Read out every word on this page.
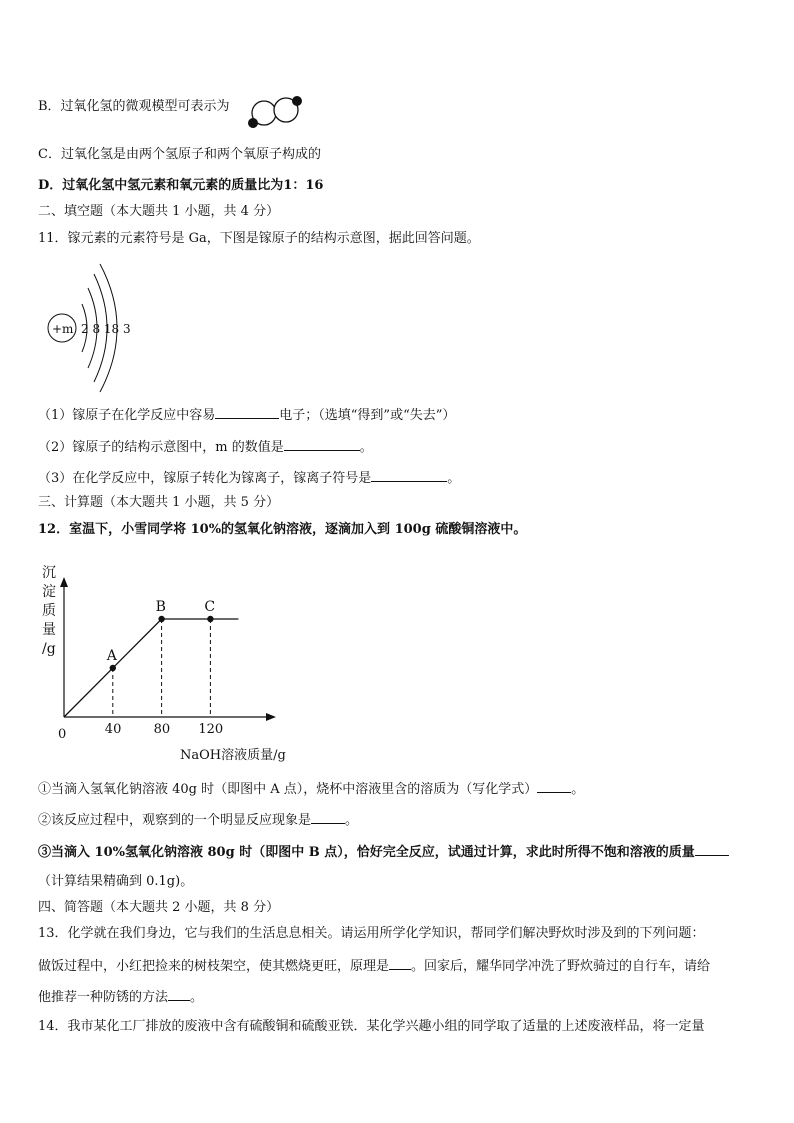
B．过氧化氢的微观模型可表示为
C．过氧化氢是由两个氢原子和两个氧原子构成的
D．过氧化氢中氢元素和氧元素的质量比为1：16
二、填空题（本大题共 1 小题，共 4 分）
11．镓元素的元素符号是 Ga，下图是镓原子的结构示意图，据此回答问题。
+m 2 8 18 3
（1）镓原子在化学反应中容易	电子；（选填“得到”或“失去”）
（2）镓原子的结构示意图中，m 的数值是	。
（3）在化学反应中，镓原子转化为镓离子，镓离子符号是	。
三、计算题（本大题共 1 小题，共 5 分）
12．室温下，小雪同学将 10%的氢氧化钠溶液，逐滴加入到 100g 硫酸铜溶液中。
沉
淀
质
量
/g
0
A
B	C
40 80 120
NaOH溶液质量/g
①当滴入氢氧化钠溶液 40g 时（即图中 A 点），烧杯中溶液里含的溶质为（写化学式）	。
②该反应过程中，观察到的一个明显反应现象是	。
③当滴入 10%氢氧化钠溶液 80g 时（即图中 B 点），恰好完全反应，试通过计算，求此时所得不饱和溶液的质量
（计算结果精确到 0.1g)。
四、简答题（本大题共 2 小题，共 8 分）
13．化学就在我们身边，它与我们的生活息息相关。请运用所学化学知识，帮同学们解决野炊时涉及到的下列问题：
做饭过程中，小红把捡来的树枝架空，使其燃烧更旺，原理是 。回家后，耀华同学冲洗了野炊骑过的自行车，请给
他推荐一种防锈的方法 。
14．我市某化工厂排放的废液中含有硫酸铜和硫酸亚铁．某化学兴趣小组的同学取了适量的上述废液样品，将一定量
